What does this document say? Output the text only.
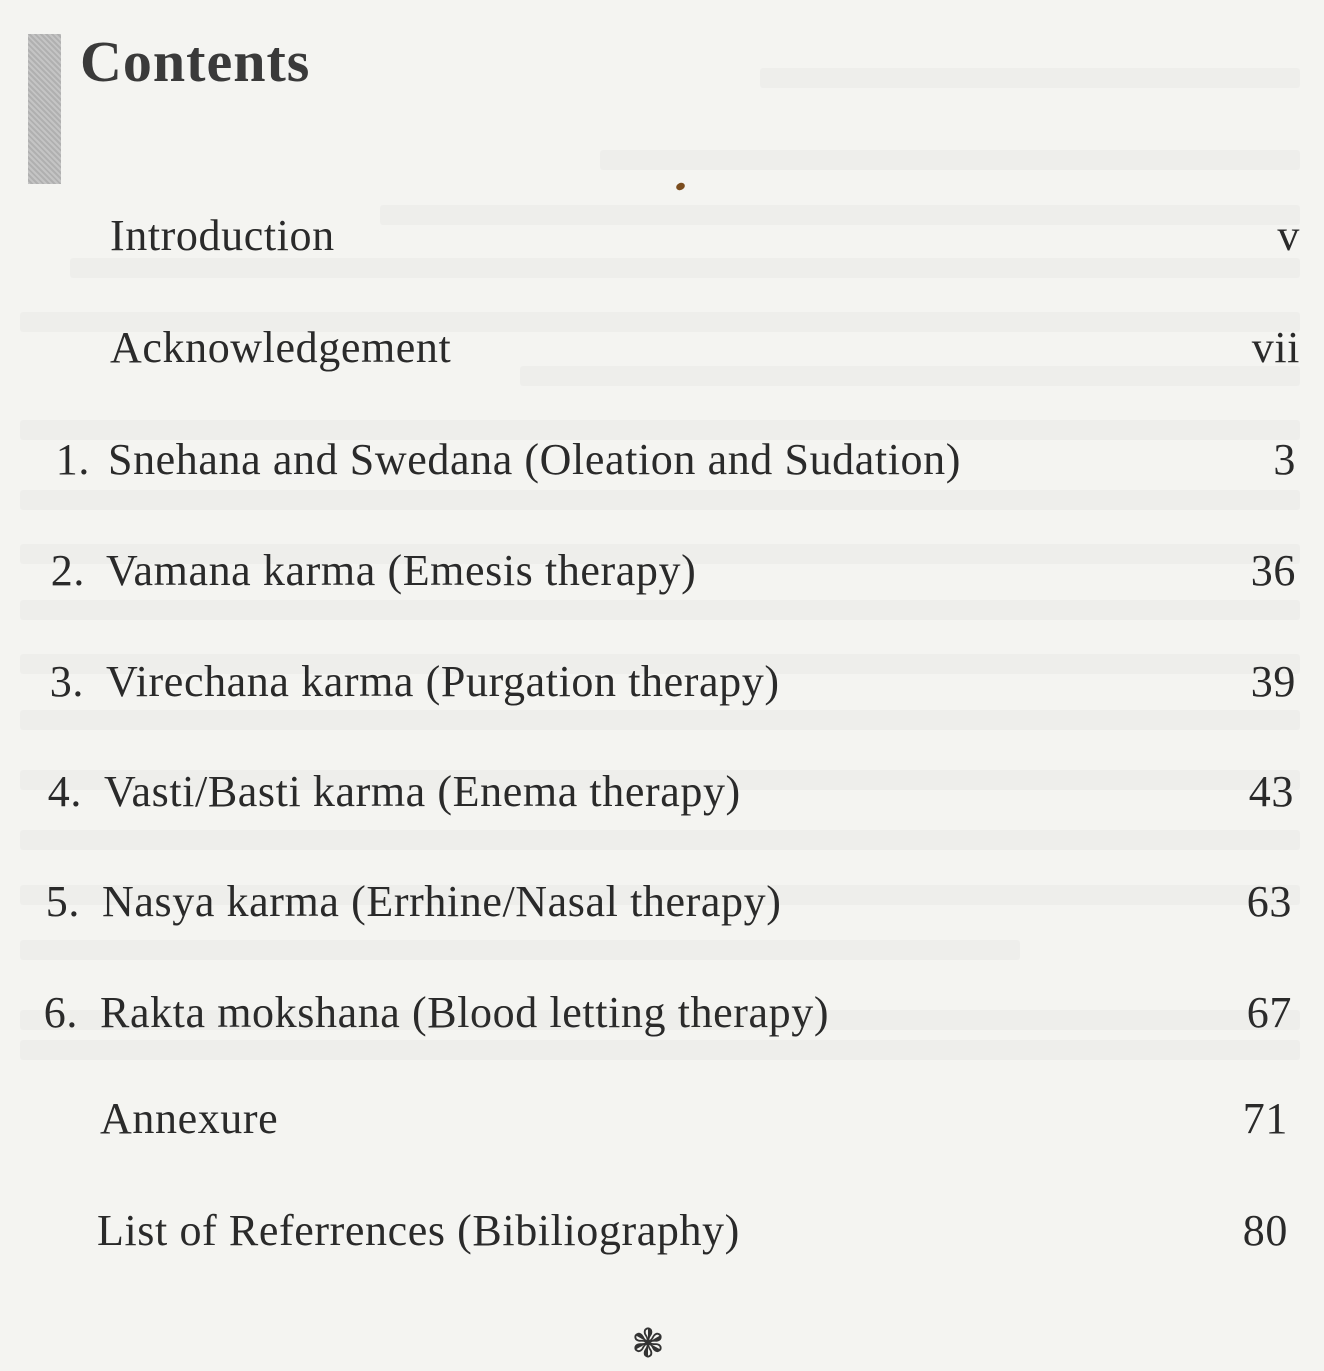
Contents
Introduction	v
Acknowledgement	vii
1. Snehana and Swedana (Oleation and Sudation)	3
2. Vamana karma (Emesis therapy)	36
3. Virechana karma (Purgation therapy)	39
4. Vasti/Basti karma (Enema therapy)	43
5. Nasya karma (Errhine/Nasal therapy)	63
6. Rakta mokshana (Blood letting therapy)	67
Annexure	71
List of Referrences (Bibiliography)	80
❃
